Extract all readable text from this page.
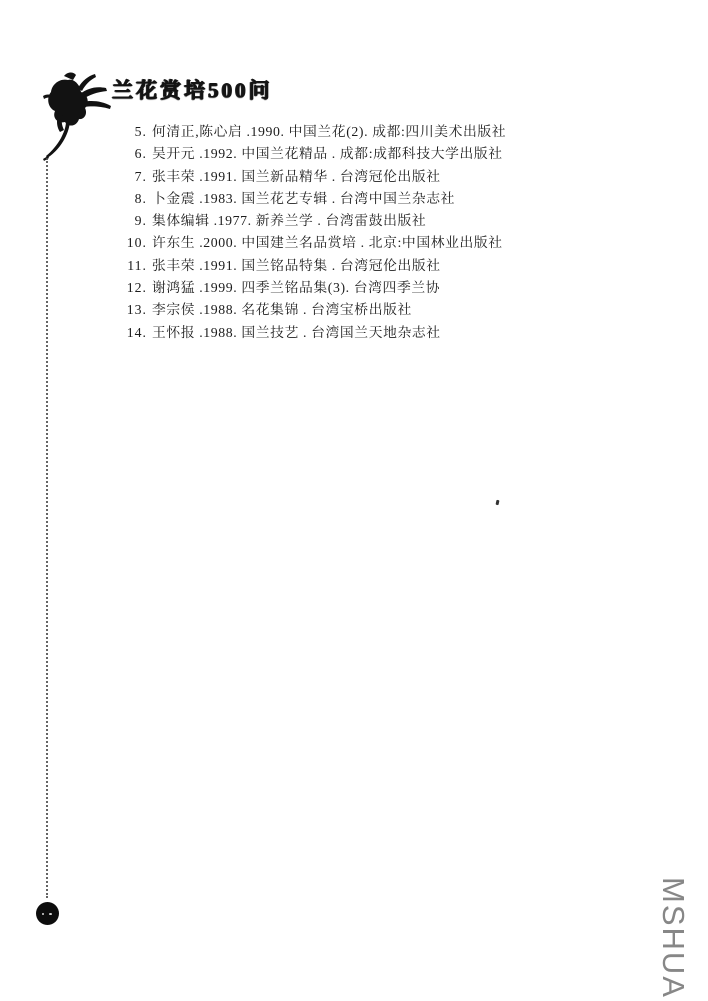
兰花赏培500问
5. 何清正,陈心启 .1990. 中国兰花(2). 成都:四川美术出版社
6. 吴开元 .1992. 中国兰花精品 . 成都:成都科技大学出版社
7. 张丰荣 .1991. 国兰新品精华 . 台湾冠伦出版社
8. 卜金震 .1983. 国兰花艺专辑 . 台湾中国兰杂志社
9. 集体编辑 .1977. 新养兰学 . 台湾雷鼓出版社
10. 许东生 .2000. 中国建兰名品赏培 . 北京:中国林业出版社
11. 张丰荣 .1991. 国兰铭品特集 . 台湾冠伦出版社
12. 谢鸿猛 .1999. 四季兰铭品集(3). 台湾四季兰协
13. 李宗侯 .1988. 名花集锦 . 台湾宝桥出版社
14. 王怀报 .1988. 国兰技艺 . 台湾国兰天地杂志社
MSHUA
